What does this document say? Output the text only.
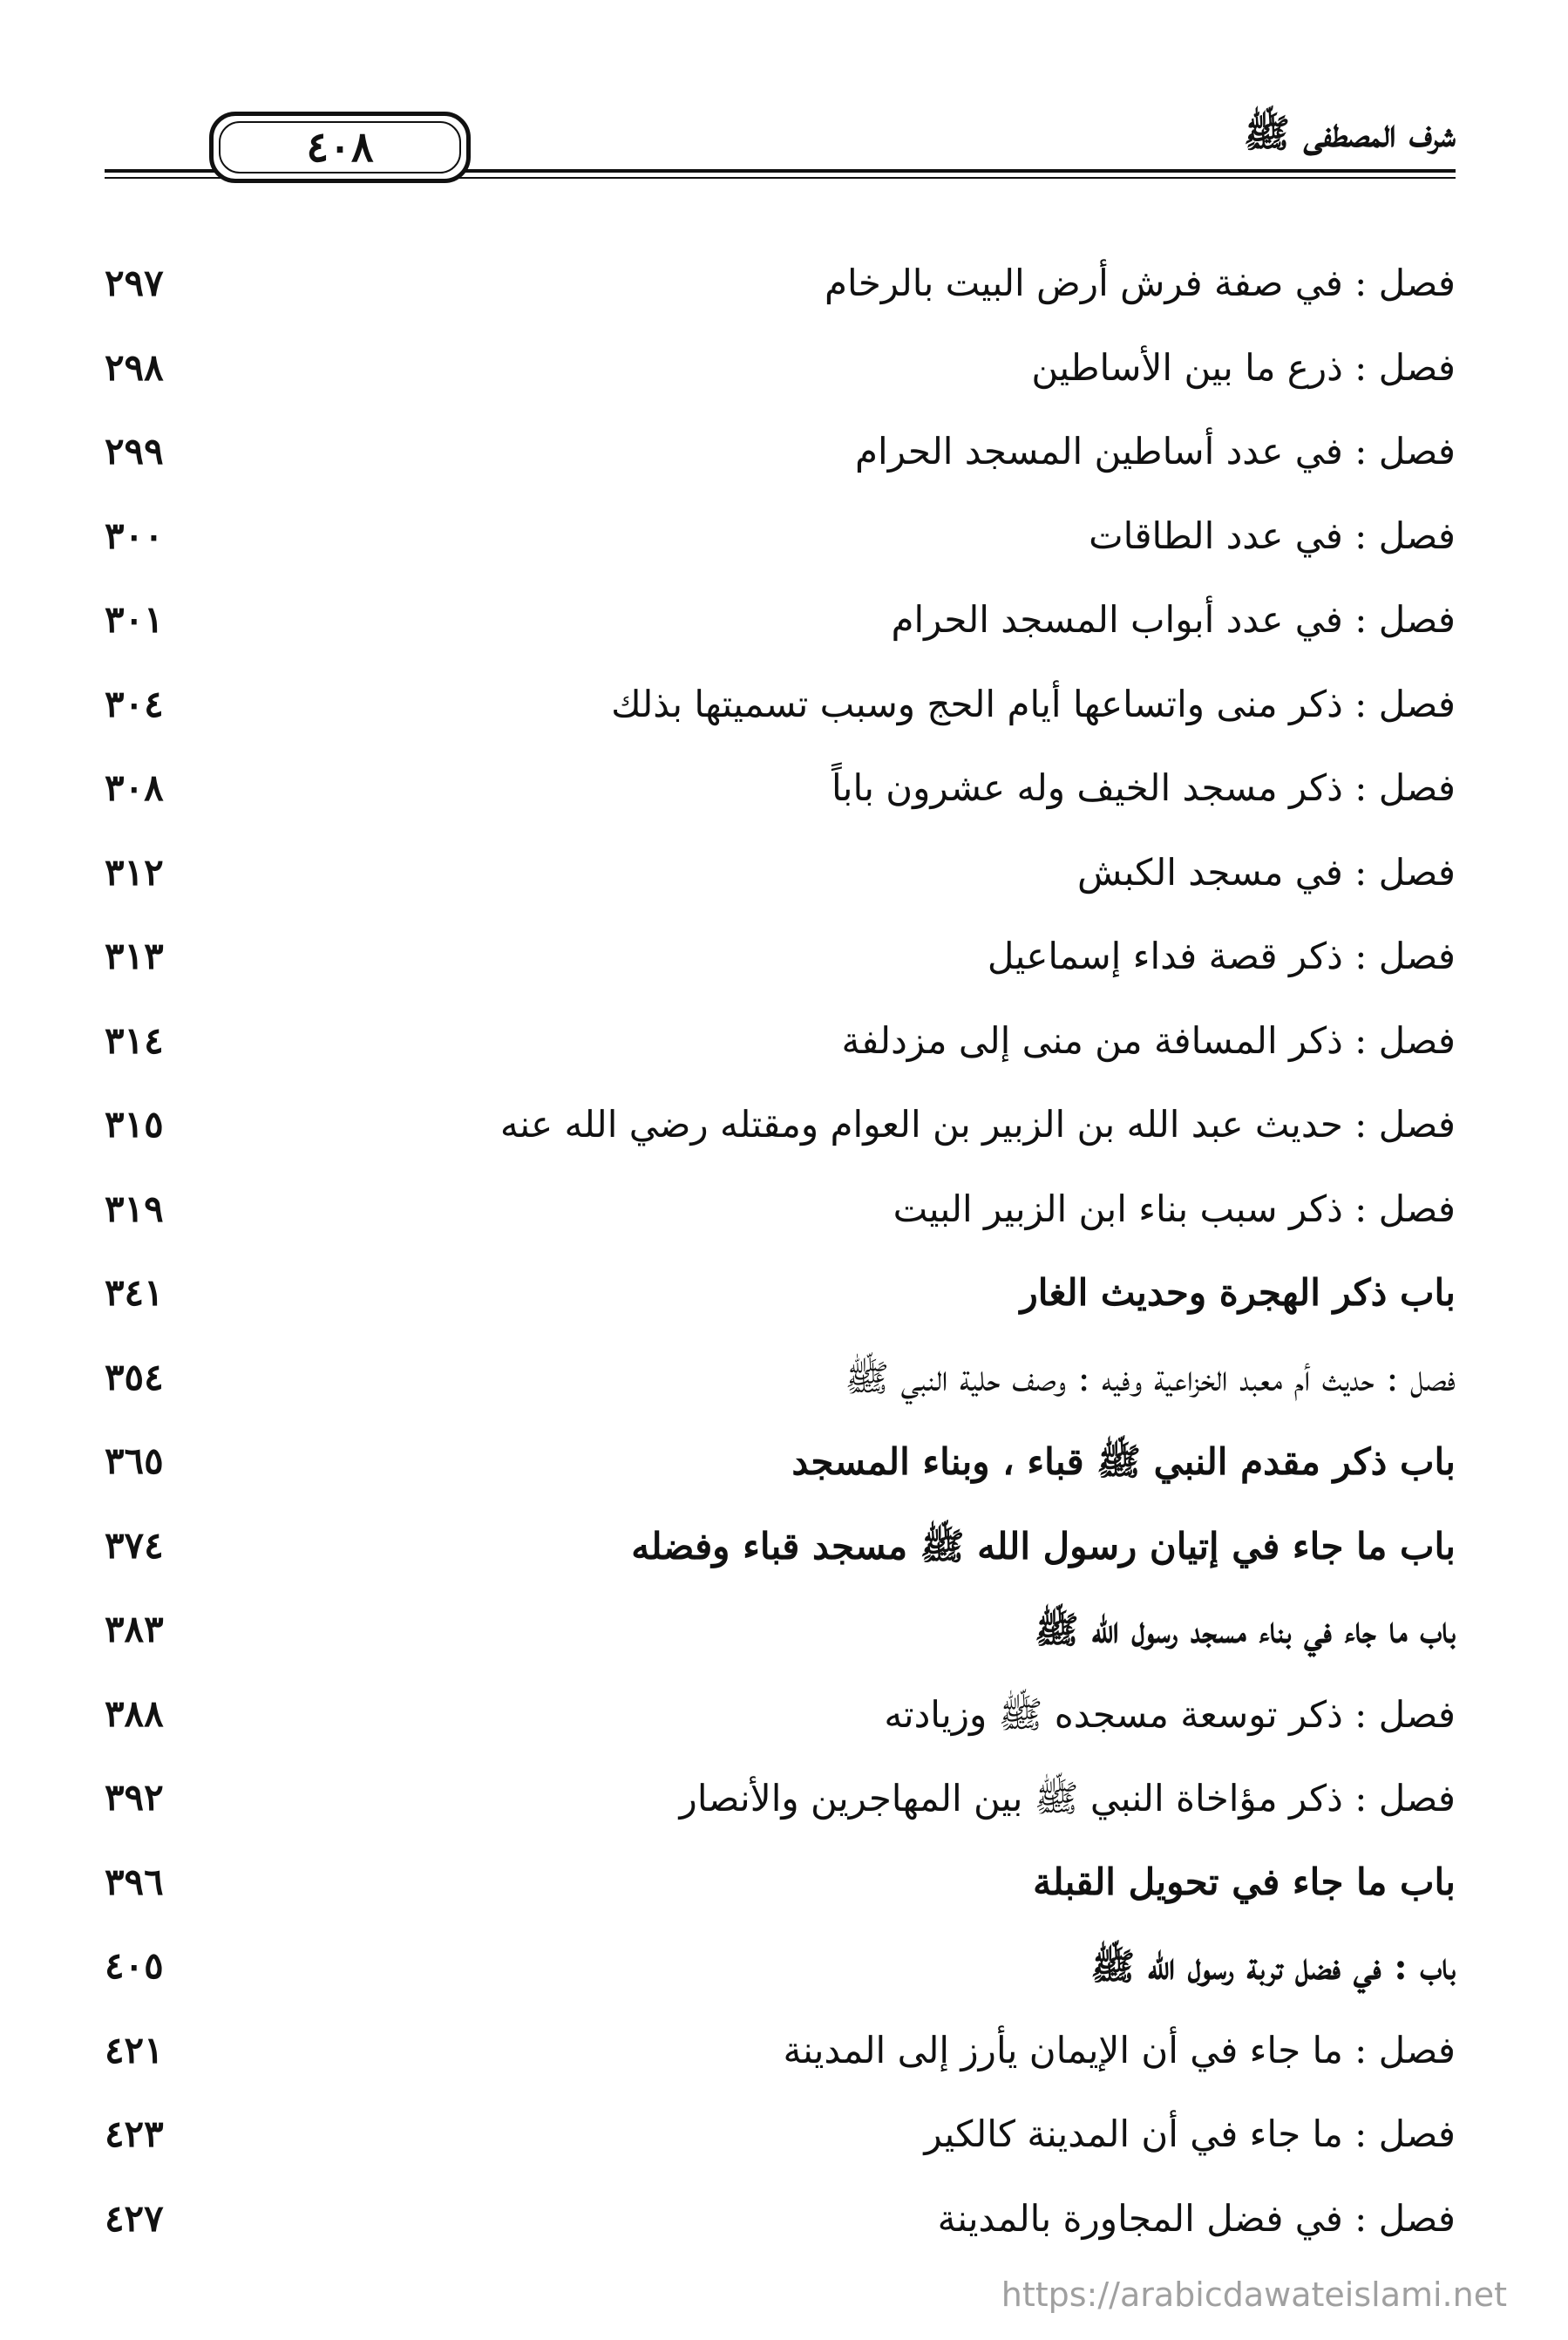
٤٠٨	شرف المصطفى ﷺ
فصل : في صفة فرش أرض البيت بالرخام
٢٩٧
فصل : ذرع ما بين الأساطين
٢٩٨
فصل : في عدد أساطين المسجد الحرام
٢٩٩
فصل : في عدد الطاقات
٣٠٠
فصل : في عدد أبواب المسجد الحرام
٣٠١
فصل : ذكر منى واتساعها أيام الحج وسبب تسميتها بذلك
٣٠٤
فصل : ذكر مسجد الخيف وله عشرون باباً
٣٠٨
فصل : في مسجد الكبش
٣١٢
فصل : ذكر قصة فداء إسماعيل
٣١٣
فصل : ذكر المسافة من منى إلى مزدلفة
٣١٤
فصل : حديث عبد الله بن الزبير بن العوام ومقتله رضي الله عنه
٣١٥
فصل : ذكر سبب بناء ابن الزبير البيت
٣١٩
باب ذكر الهجرة وحديث الغار
٣٤١
فصل : حديث أم معبد الخزاعية وفيه : وصف حلية النبي ﷺ
٣٥٤
باب ذكر مقدم النبي ﷺ قباء ، وبناء المسجد
٣٦٥
باب ما جاء في إتيان رسول الله ﷺ مسجد قباء وفضله
٣٧٤
باب ما جاء في بناء مسجد رسول الله ﷺ
٣٨٣
فصل : ذكر توسعة مسجده ﷺ وزيادته
٣٨٨
فصل : ذكر مؤاخاة النبي ﷺ بين المهاجرين والأنصار
٣٩٢
باب ما جاء في تحويل القبلة
٣٩٦
باب : في فضل تربة رسول الله ﷺ
٤٠٥
فصل : ما جاء في أن الإيمان يأرز إلى المدينة
٤٢١
فصل : ما جاء في أن المدينة كالكير
٤٢٣
فصل : في فضل المجاورة بالمدينة
٤٢٧
https://arabicdawateislami.net
